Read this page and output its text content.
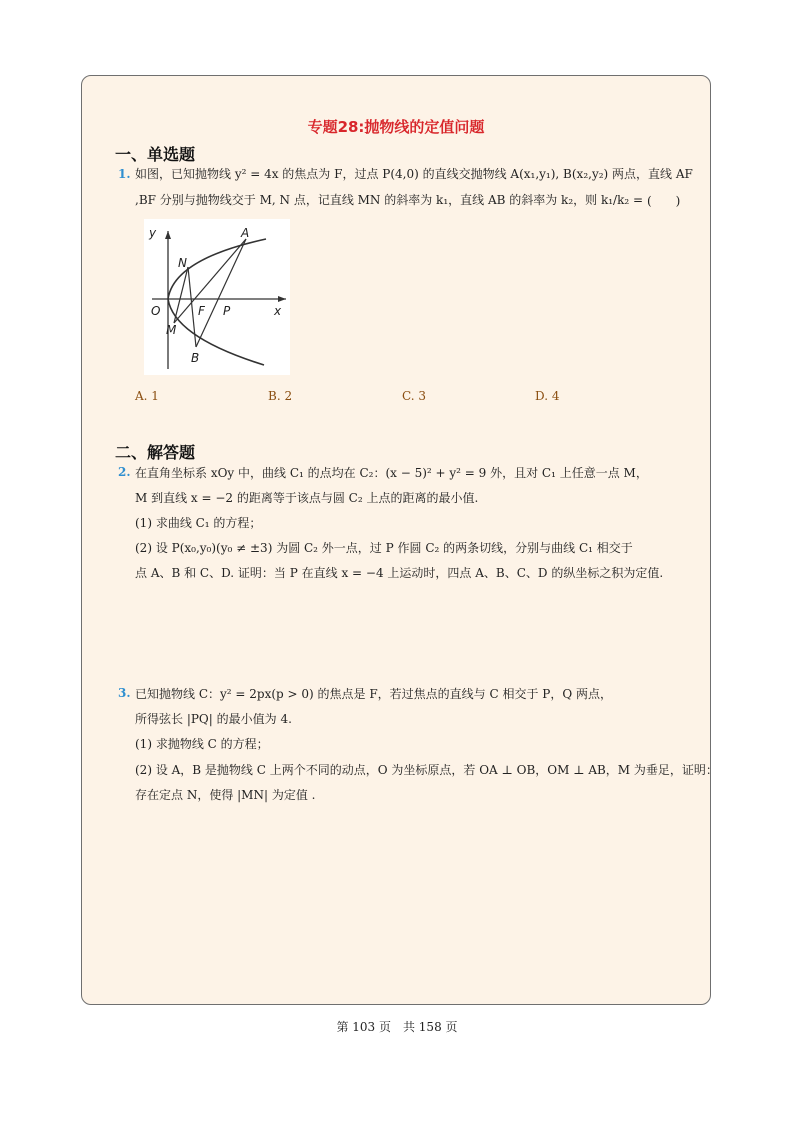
专题28:抛物线的定值问题
一、单选题
1. 如图，已知抛物线 y² = 4x 的焦点为 F，过点 P(4,0) 的直线交抛物线 A(x₁,y₁), B(x₂,y₂) 两点，直线 AF
,BF 分别与抛物线交于 M, N 点，记直线 MN 的斜率为 k₁，直线 AB 的斜率为 k₂，则 k₁/k₂ = (　　)
y
x
O
A
B
N
M
F P
A. 1	B. 2	C. 3	D. 4
二、解答题
2. 在直角坐标系 xOy 中，曲线 C₁ 的点均在 C₂：(x − 5)² + y² = 9 外，且对 C₁ 上任意一点 M，
M 到直线 x = −2 的距离等于该点与圆 C₂ 上点的距离的最小值.
(1) 求曲线 C₁ 的方程；
(2) 设 P(x₀,y₀)(y₀ ≠ ±3) 为圆 C₂ 外一点，过 P 作圆 C₂ 的两条切线，分别与曲线 C₁ 相交于
点 A、B 和 C、D. 证明：当 P 在直线 x = −4 上运动时，四点 A、B、C、D 的纵坐标之积为定值.
3. 已知抛物线 C：y² = 2px(p > 0) 的焦点是 F，若过焦点的直线与 C 相交于 P，Q 两点，
所得弦长 |PQ| 的最小值为 4.
(1) 求抛物线 C 的方程；
(2) 设 A，B 是抛物线 C 上两个不同的动点，O 为坐标原点，若 OA ⊥ OB，OM ⊥ AB，M 为垂足，证明：
存在定点 N，使得 |MN| 为定值 .
第 103 页　共 158 页
